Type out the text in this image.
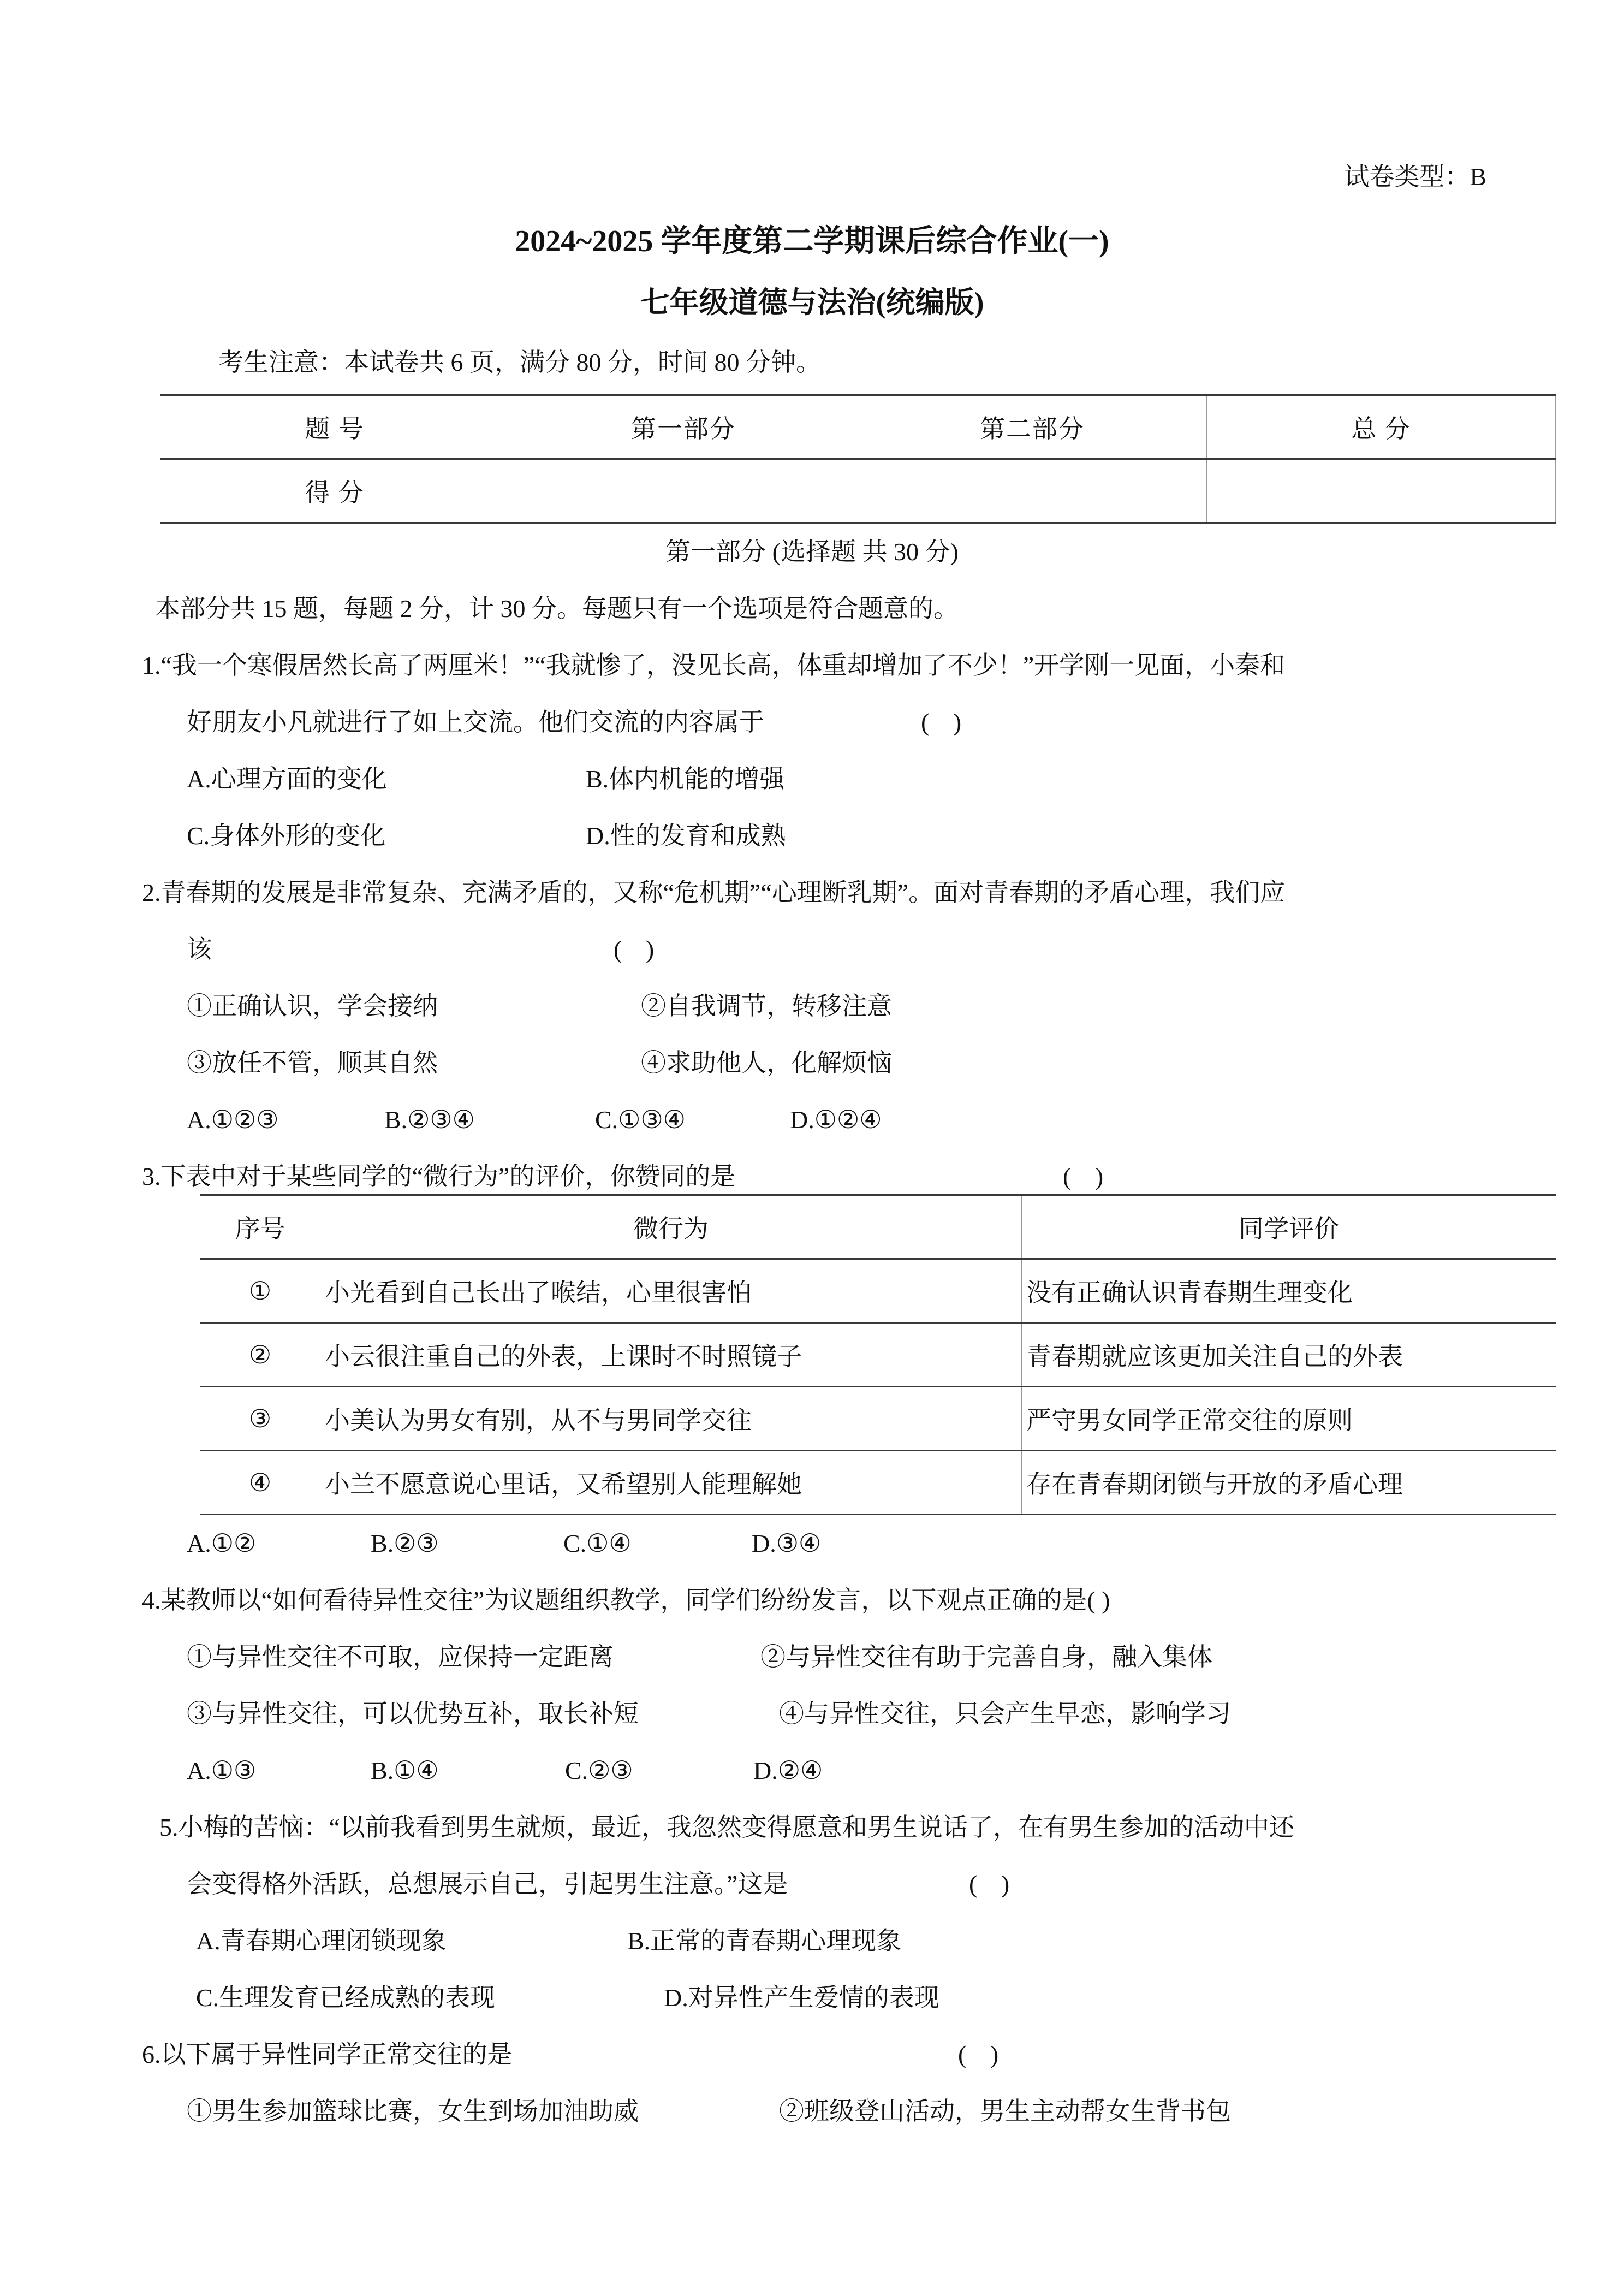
试卷类型：B
2024~2025 学年度第二学期课后综合作业(一)
七年级道德与法治(统编版)
考生注意：本试卷共 6 页，满分 80 分，时间 80 分钟。
题 号	第一部分	第二部分	总 分
得 分			
第一部分 (选择题 共 30 分)
本部分共 15 题，每题 2 分，计 30 分。每题只有一个选项是符合题意的。
1.“我一个寒假居然长高了两厘米！”“我就惨了，没见长高，体重却增加了不少！”开学刚一见面，小秦和
好朋友小凡就进行了如上交流。他们交流的内容属于	( )
A.心理方面的变化	B.体内机能的增强
C.身体外形的变化	D.性的发育和成熟
2.青春期的发展是非常复杂、充满矛盾的，又称“危机期”“心理断乳期”。面对青春期的矛盾心理，我们应
该	( )
①正确认识，学会接纳	②自我调节，转移注意
③放任不管，顺其自然	④求助他人，化解烦恼
A.①②③	B.②③④	C.①③④	D.①②④
3.下表中对于某些同学的“微行为”的评价，你赞同的是	( )
序号	微行为	同学评价
①	小光看到自己长出了喉结，心里很害怕	没有正确认识青春期生理变化
②	小云很注重自己的外表，上课时不时照镜子	青春期就应该更加关注自己的外表
③	小美认为男女有别，从不与男同学交往	严守男女同学正常交往的原则
④	小兰不愿意说心里话，又希望别人能理解她	存在青春期闭锁与开放的矛盾心理
A.①②	B.②③	C.①④	D.③④
4.某教师以“如何看待异性交往”为议题组织教学，同学们纷纷发言，以下观点正确的是( )
①与异性交往不可取，应保持一定距离	②与异性交往有助于完善自身，融入集体
③与异性交往，可以优势互补，取长补短	④与异性交往，只会产生早恋，影响学习
A.①③	B.①④	C.②③	D.②④
5.小梅的苦恼：“以前我看到男生就烦，最近，我忽然变得愿意和男生说话了，在有男生参加的活动中还
会变得格外活跃，总想展示自己，引起男生注意。”这是	( )
A.青春期心理闭锁现象	B.正常的青春期心理现象
C.生理发育已经成熟的表现	D.对异性产生爱情的表现
6.以下属于异性同学正常交往的是	( )
①男生参加篮球比赛，女生到场加油助威	②班级登山活动，男生主动帮女生背书包
